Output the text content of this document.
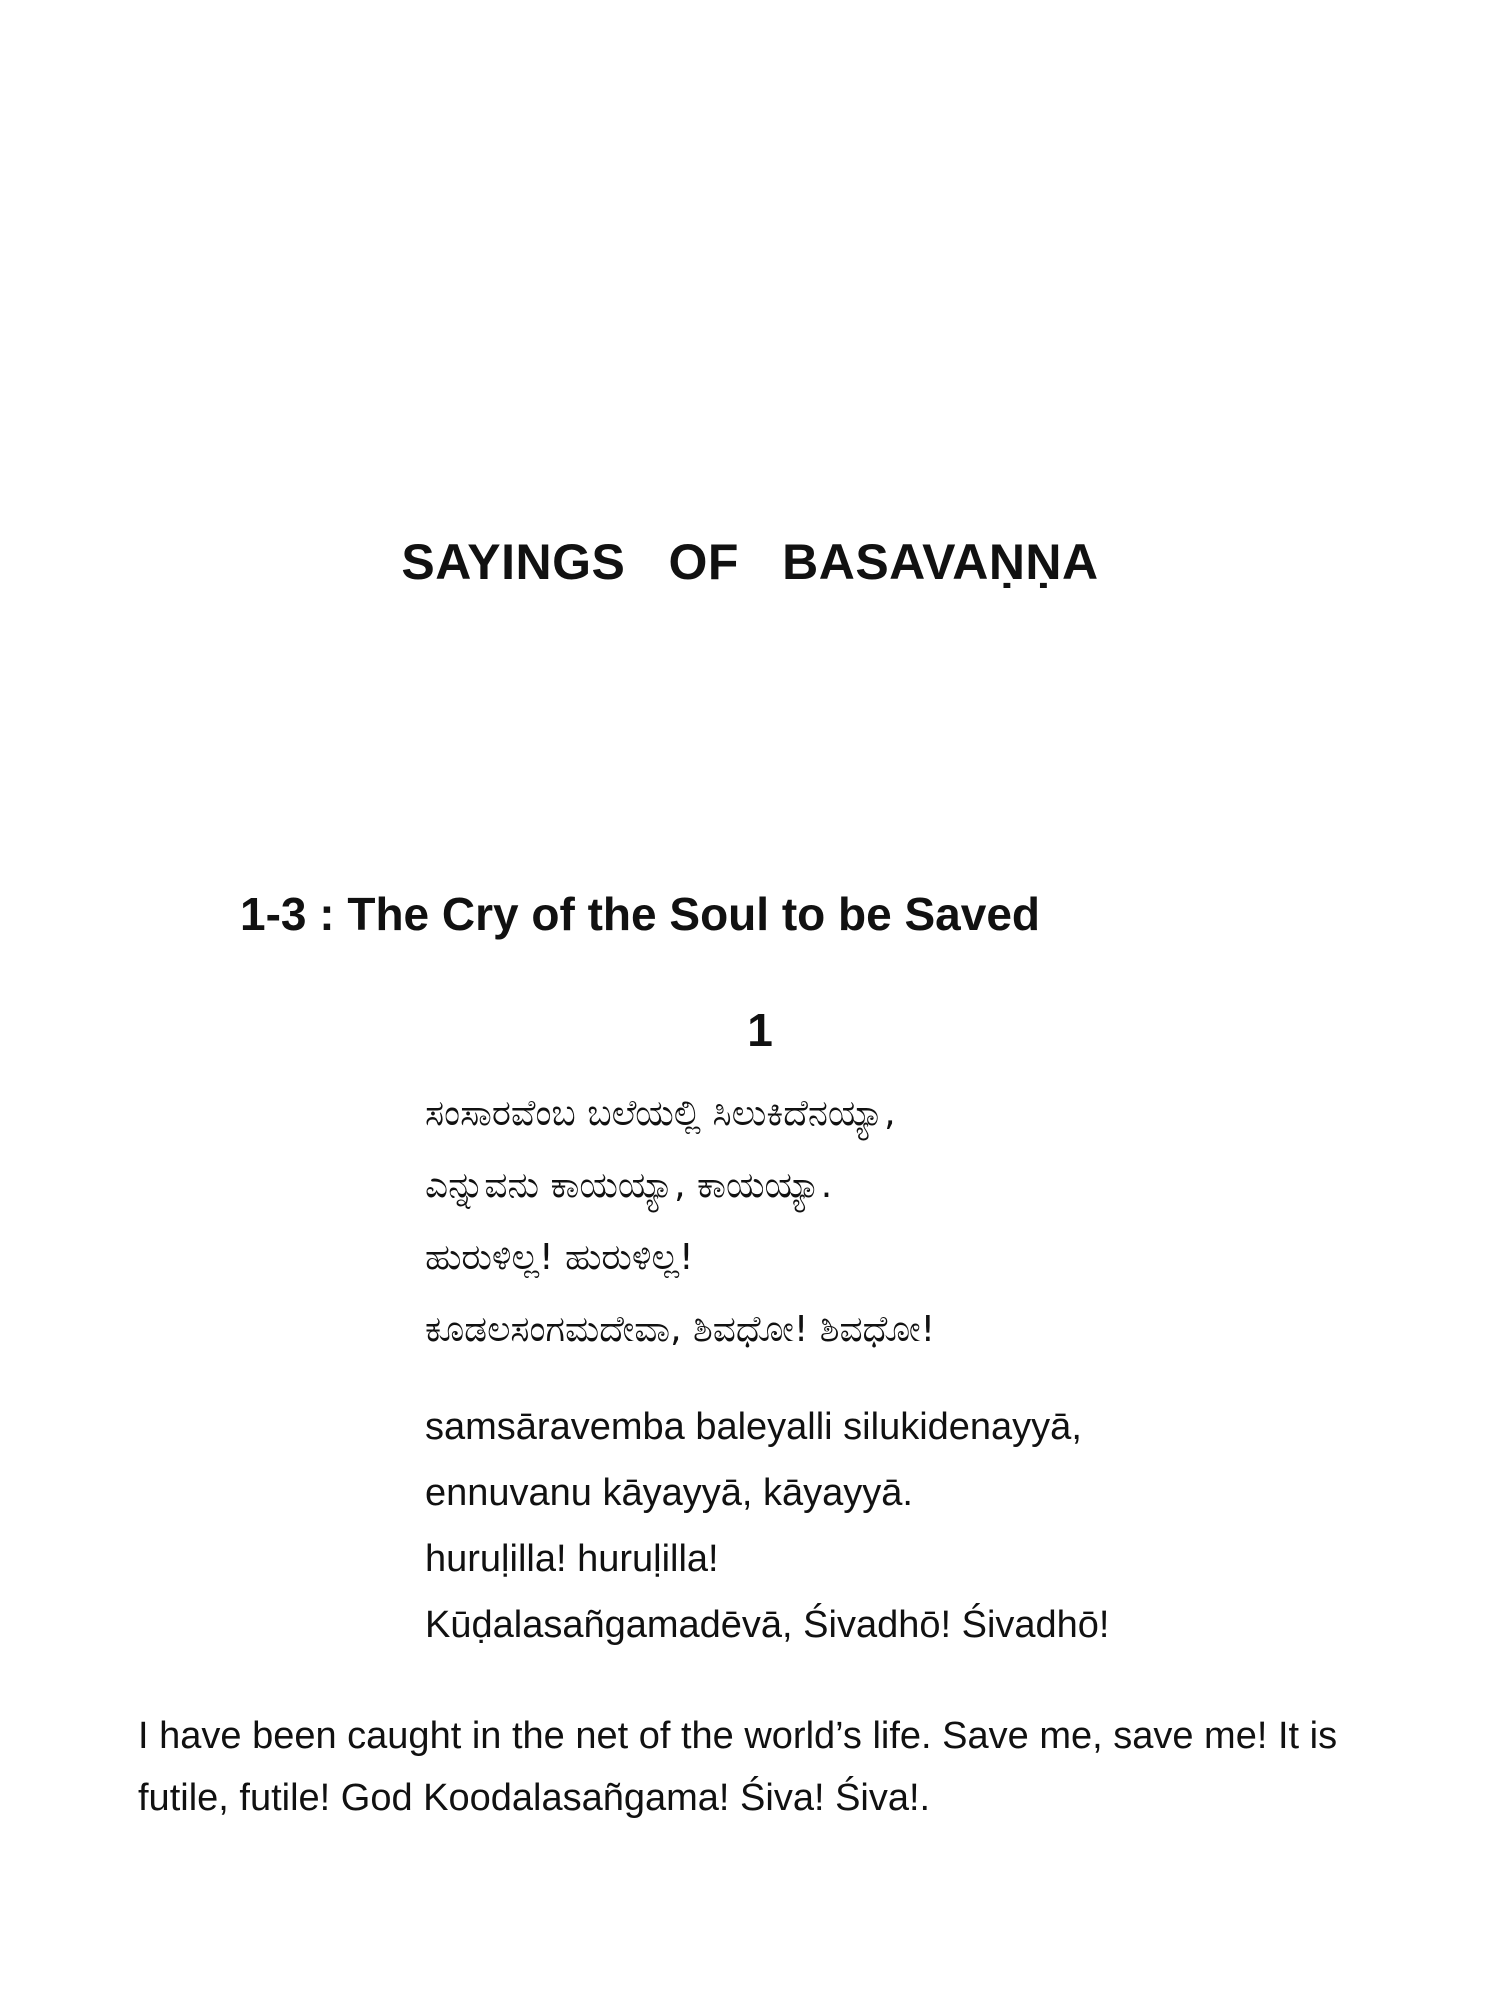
SAYINGS   OF   BASAVAṆṆA
1-3 : The Cry of the Soul to be Saved
1
ಸಂಸಾರವೆಂಬ ಬಲೆಯಲ್ಲಿ ಸಿಲುಕಿದೆನಯ್ಯಾ,
ಎನ್ನುವನು ಕಾಯಯ್ಯಾ, ಕಾಯಯ್ಯಾ.
ಹುರುಳಿಲ್ಲ! ಹುರುಳಿಲ್ಲ!
ಕೂಡಲಸಂಗಮದೇವಾ, ಶಿವಧೋ! ಶಿವಧೋ!
samsāravemba baleyalli silukidenayyā,
ennuvanu kāyayyā, kāyayyā.
huruḷilla! huruḷilla!
Kūḍalasañgamadēvā, Śivadhō! Śivadhō!
I have been caught in the net of the world’s life. Save me, save me! It is futile, futile! God Koodalasañgama! Śiva! Śiva!.
